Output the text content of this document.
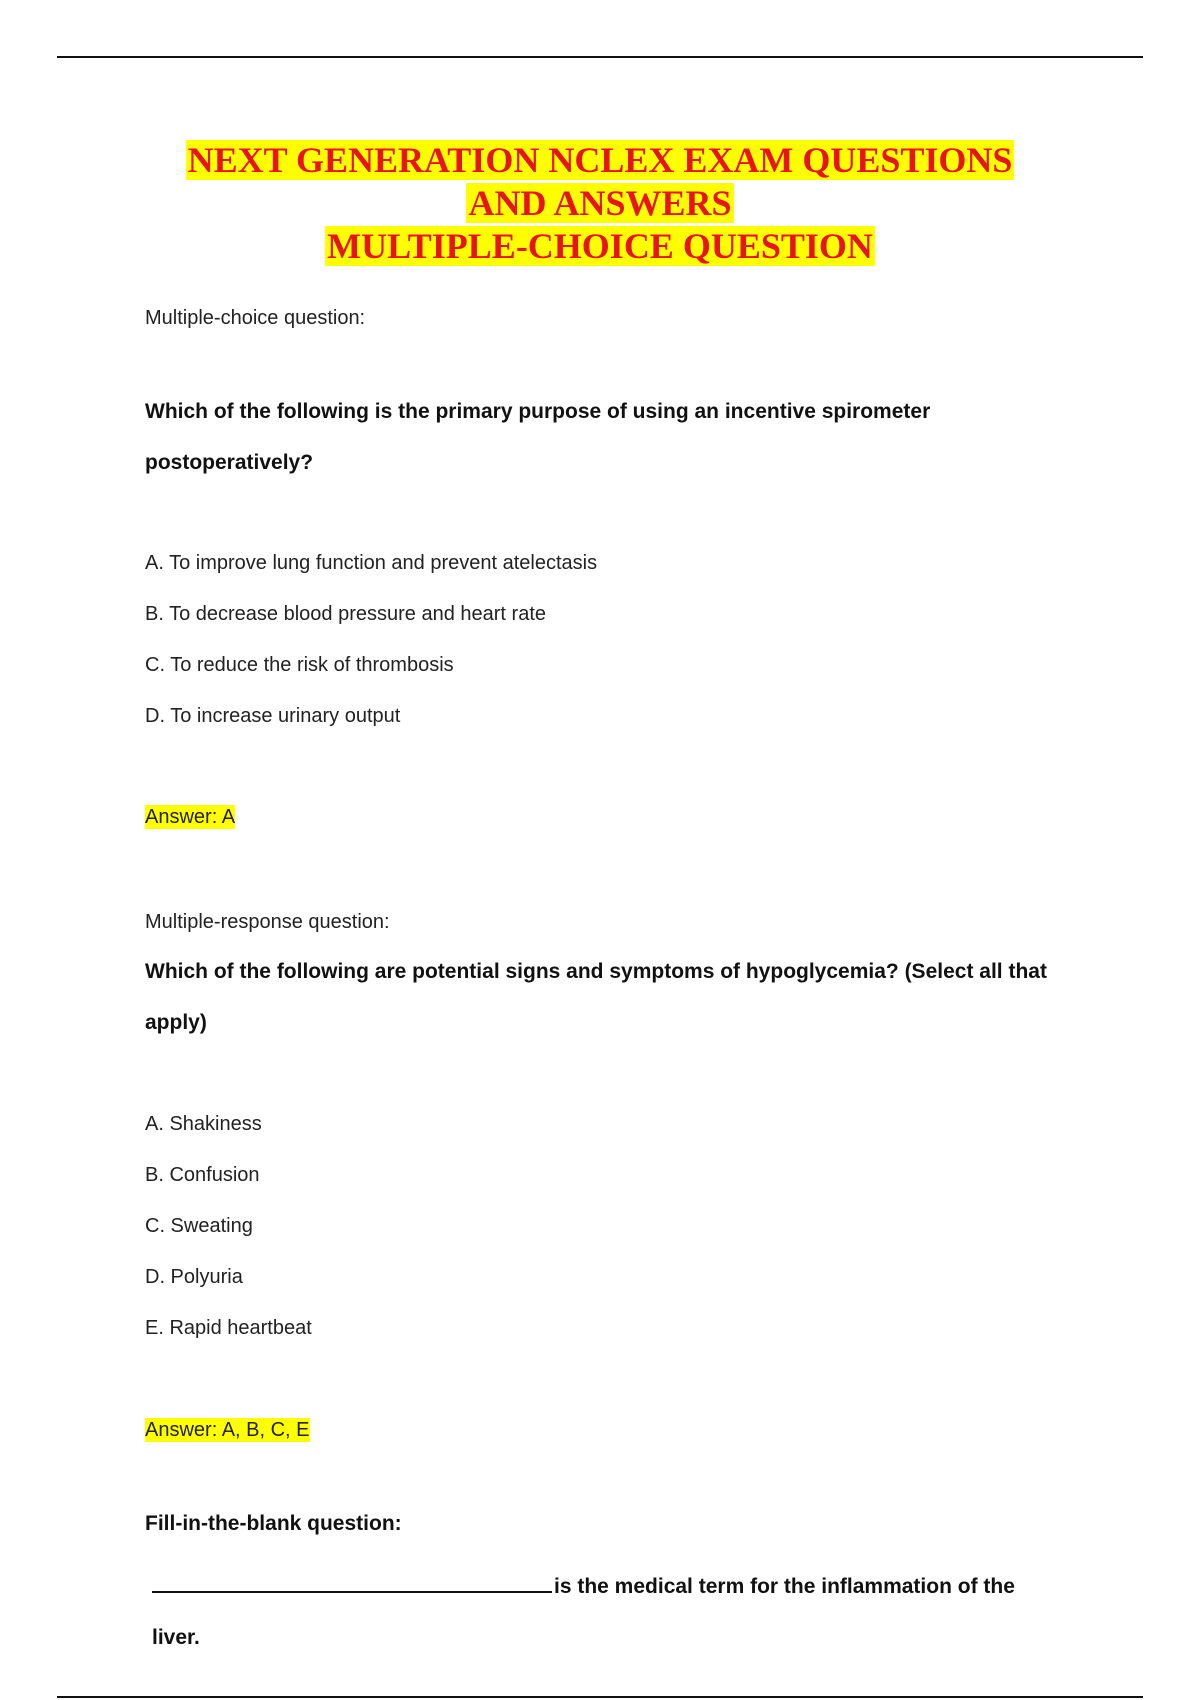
NEXT GENERATION NCLEX EXAM QUESTIONS
AND ANSWERS
MULTIPLE-CHOICE QUESTION
Multiple-choice question:
Which of the following is the primary purpose of using an incentive spirometer postoperatively?
A. To improve lung function and prevent atelectasis
B. To decrease blood pressure and heart rate
C. To reduce the risk of thrombosis
D. To increase urinary output
Answer: A
Multiple-response question:
Which of the following are potential signs and symptoms of hypoglycemia? (Select all that apply)
A. Shakiness
B. Confusion
C. Sweating
D. Polyuria
E. Rapid heartbeat
Answer: A, B, C, E
Fill-in-the-blank question:
is the medical term for the inflammation of the liver.
